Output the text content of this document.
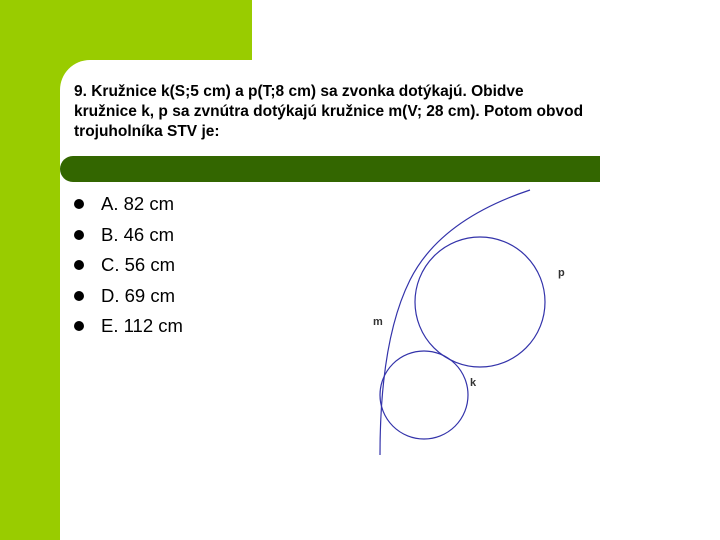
9. Kružnice k(S;5 cm) a p(T;8 cm) sa zvonka dotýkajú. Obidve
kružnice k, p sa zvnútra dotýkajú kružnice m(V; 28 cm). Potom obvod
trojuholníka STV je:
A. 82 cm
B. 46 cm
C. 56 cm
D. 69 cm
E. 112 cm	m
p
k
